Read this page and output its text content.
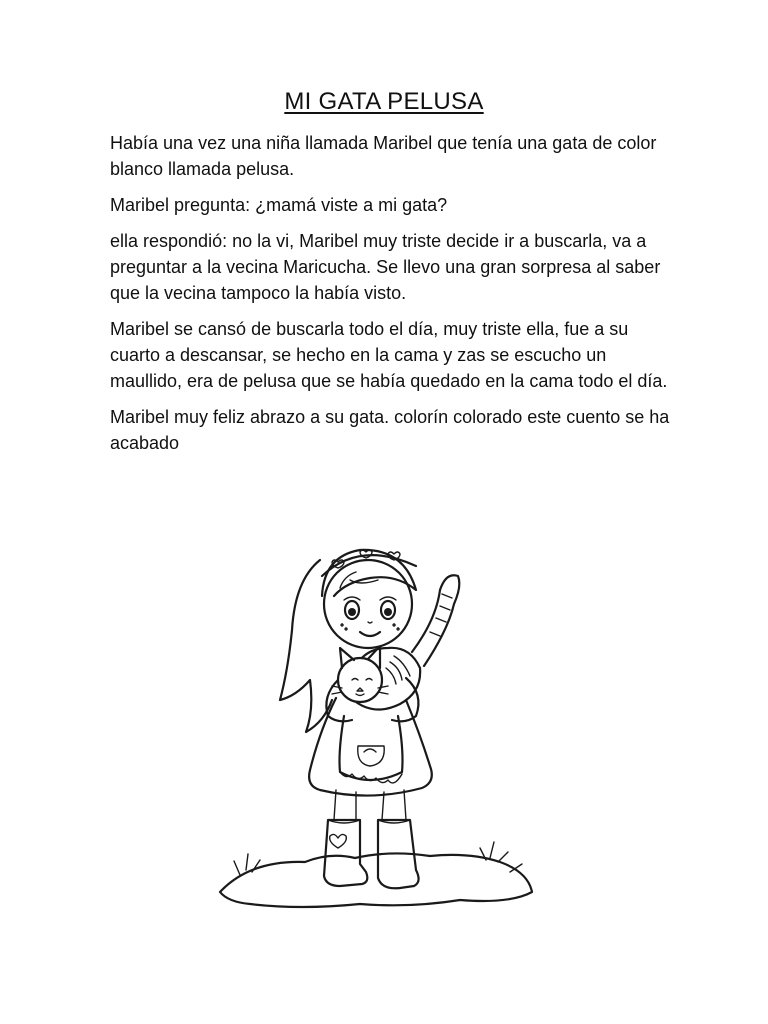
MI GATA PELUSA

Había una vez una niña llamada Maribel que tenía una gata de color blanco llamada pelusa.

Maribel pregunta: ¿mamá viste a mi gata?

ella respondió: no la vi, Maribel muy triste decide ir a buscarla, va a preguntar a la vecina Maricucha. Se llevo una gran sorpresa al saber que la vecina tampoco la había visto.

Maribel se cansó de buscarla todo el día, muy triste ella, fue a su cuarto a descansar, se hecho en la cama y zas se escucho un maullido, era de pelusa que se había quedado en la cama todo el día.

Maribel muy feliz abrazo a su gata. colorín colorado este cuento se ha acabado
